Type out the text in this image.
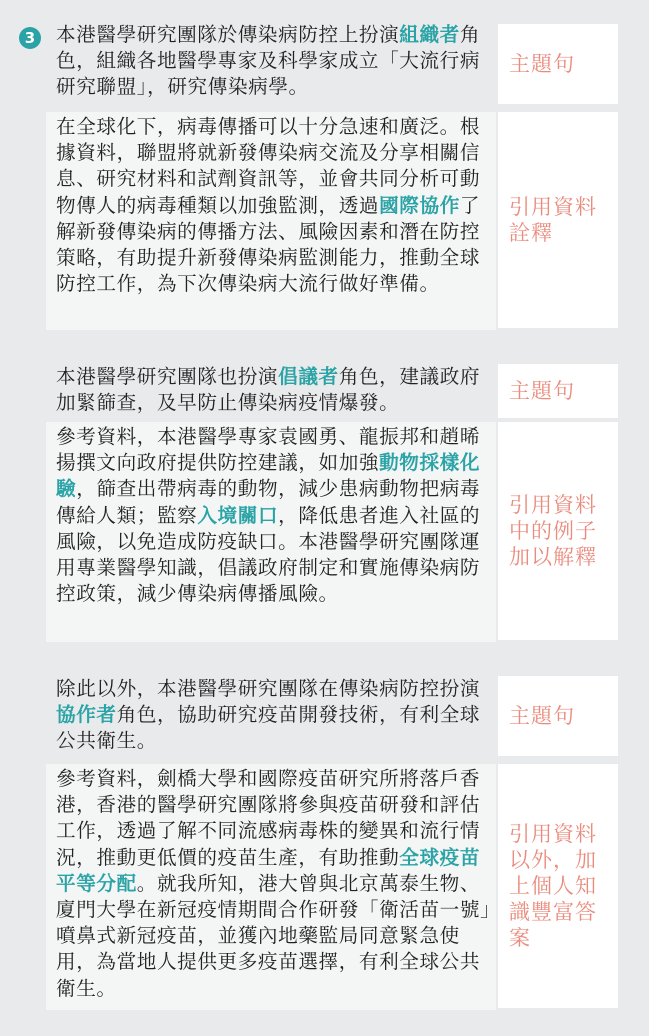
3	本港醫學研究團隊於傳染病防控上扮演組織者角色，組織各地醫學專家及科學家成立「大流行病研究聯盟」，研究傳染病學。
主題句
在全球化下，病毒傳播可以十分急速和廣泛。根據資料，聯盟將就新發傳染病交流及分享相關信息、研究材料和試劑資訊等，並會共同分析可動物傳人的病毒種類以加強監測，透過國際協作了解新發傳染病的傳播方法、風險因素和潛在防控策略，有助提升新發傳染病監測能力，推動全球防控工作，為下次傳染病大流行做好準備。
引用資料詮釋
本港醫學研究團隊也扮演倡議者角色，建議政府加緊篩查，及早防止傳染病疫情爆發。	主題句
參考資料，本港醫學專家袁國勇、龍振邦和趙晞揚撰文向政府提供防控建議，如加強動物採樣化驗，篩查出帶病毒的動物，減少患病動物把病毒傳給人類；監察入境關口，降低患者進入社區的風險，以免造成防疫缺口。本港醫學研究團隊運用專業醫學知識，倡議政府制定和實施傳染病防控政策，減少傳染病傳播風險。
引用資料中的例子加以解釋
除此以外，本港醫學研究團隊在傳染病防控扮演協作者角色，協助研究疫苗開發技術，有利全球公共衛生。
主題句
參考資料，劍橋大學和國際疫苗研究所將落戶香港，香港的醫學研究團隊將參與疫苗研發和評估工作，透過了解不同流感病毒株的變異和流行情況，推動更低價的疫苗生產，有助推動全球疫苗平等分配。就我所知，港大曾與北京萬泰生物、廈門大學在新冠疫情期間合作研發「衛活苗一號」噴鼻式新冠疫苗，並獲內地藥監局同意緊急使用，為當地人提供更多疫苗選擇，有利全球公共衛生。
引用資料以外，加上個人知識豐富答案
